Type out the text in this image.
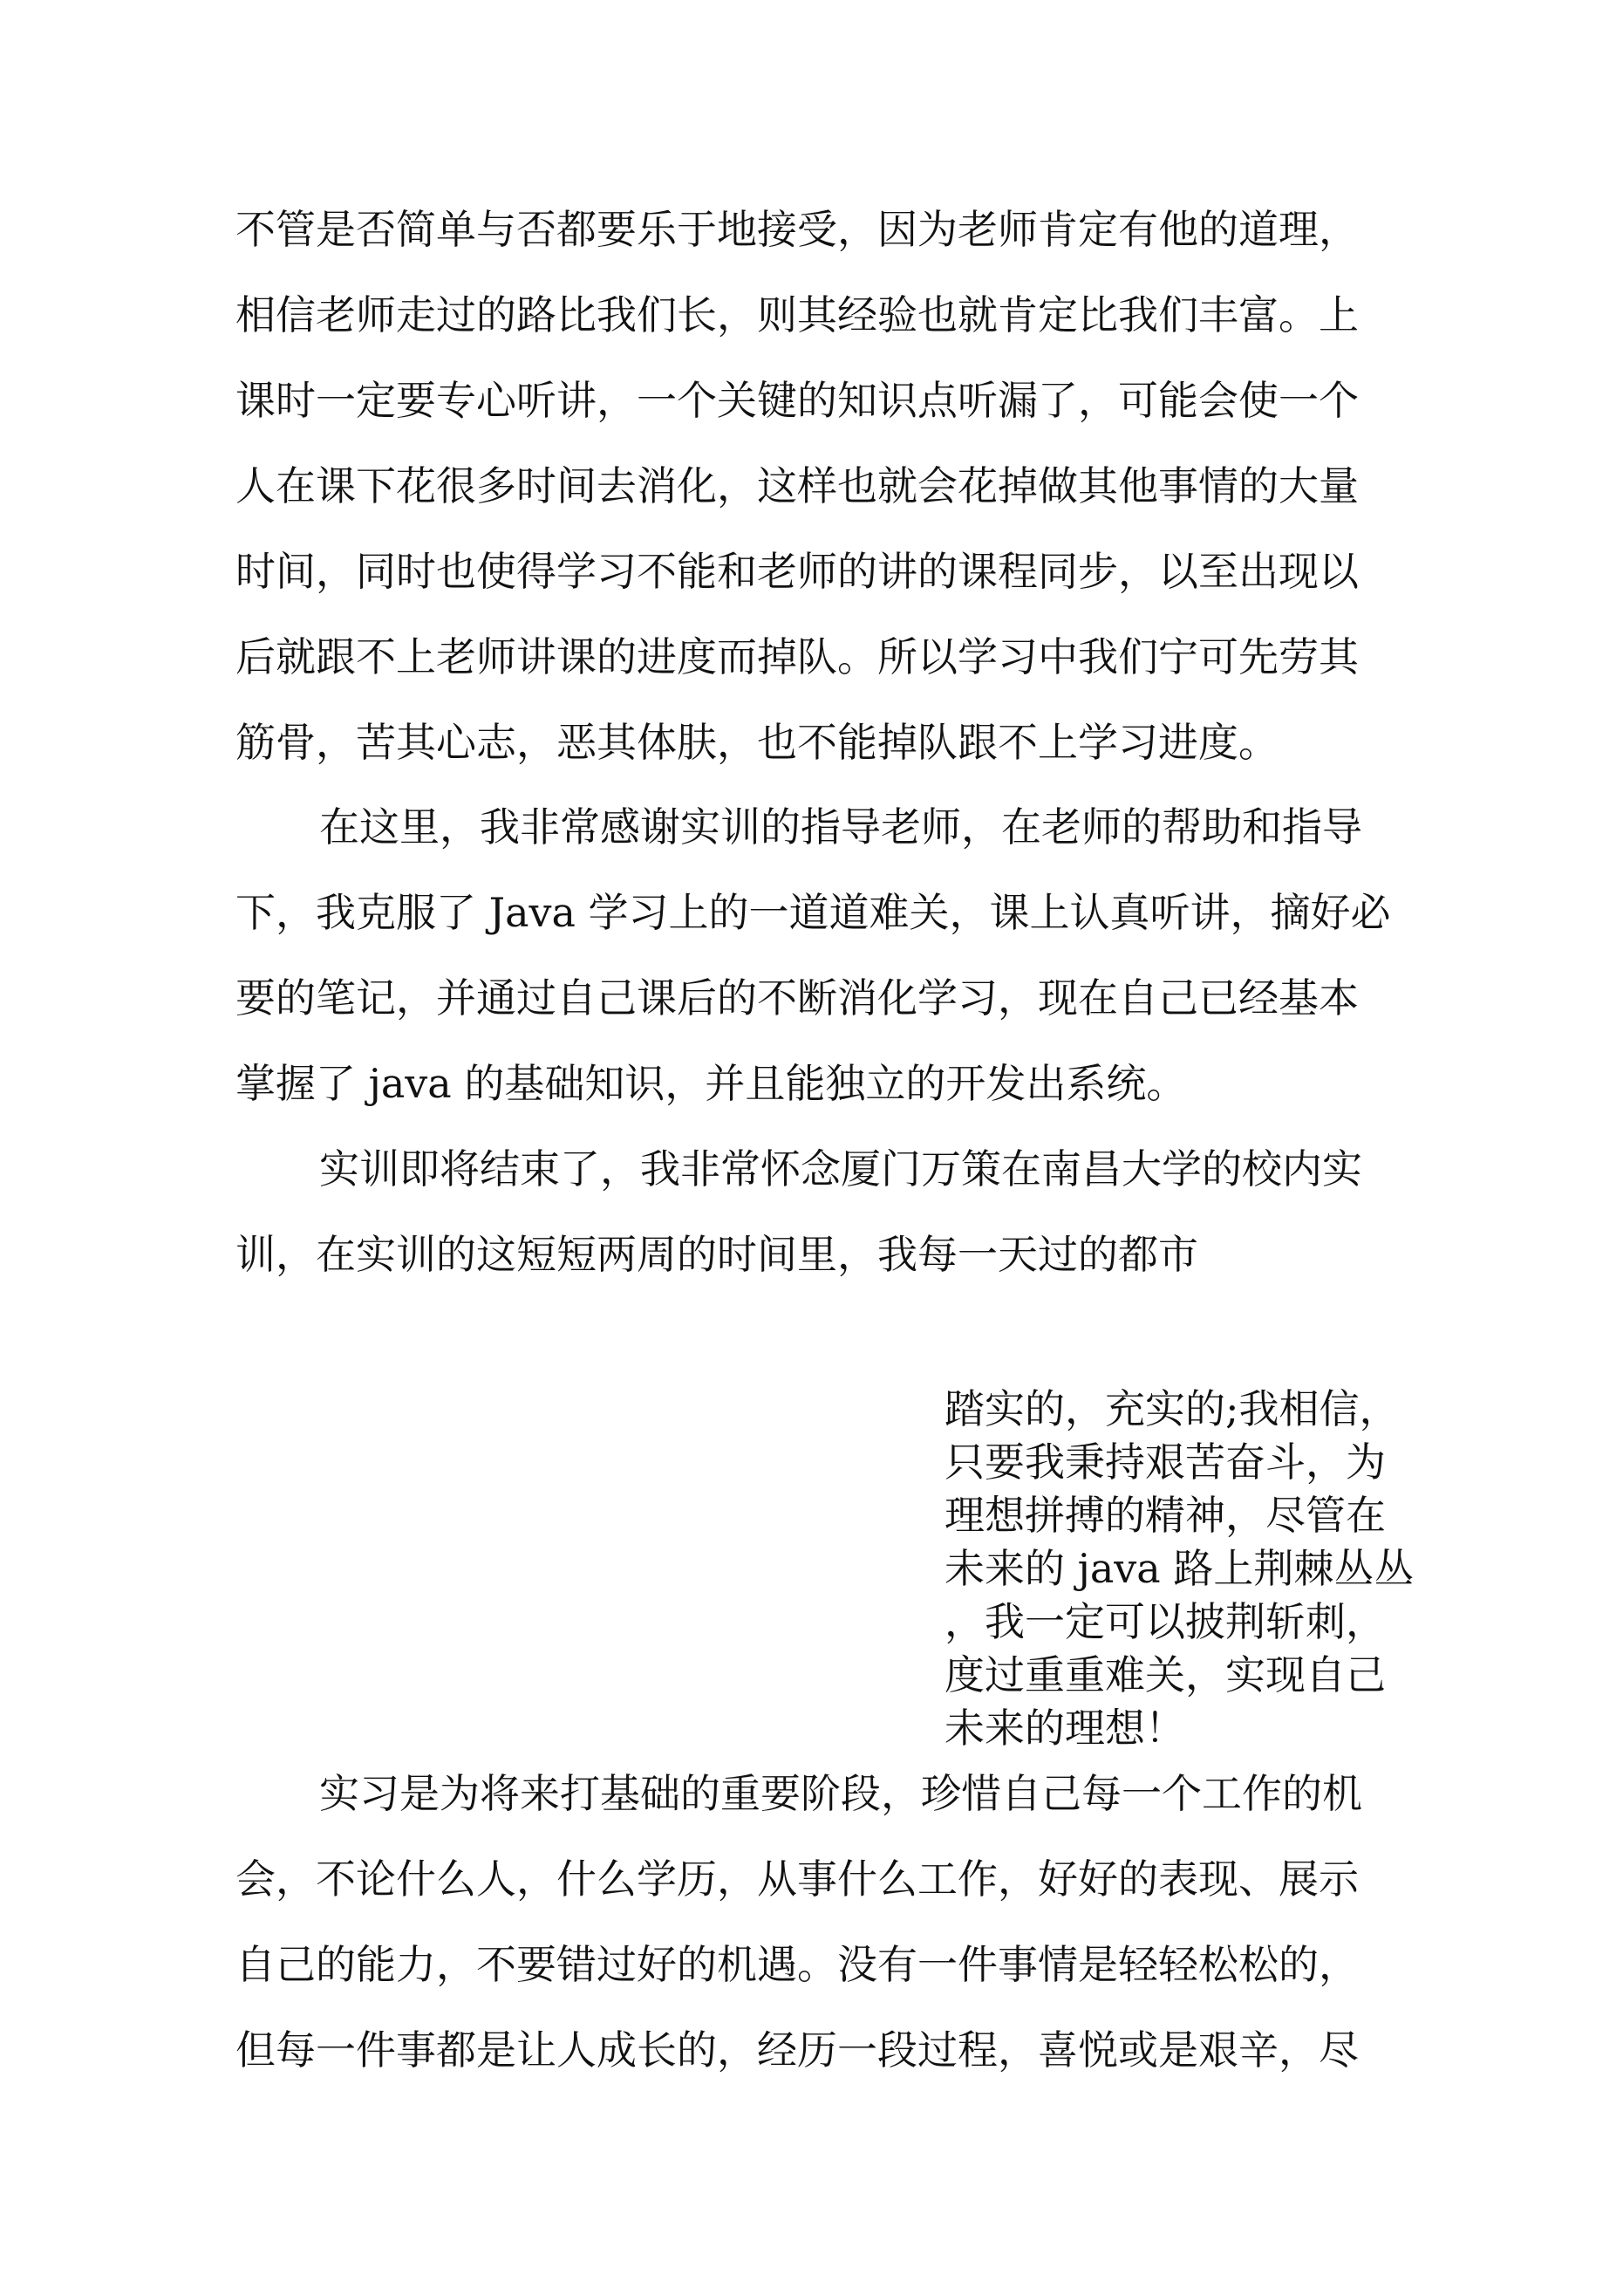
不管是否简单与否都要乐于地接受，因为老师肯定有他的道理，
相信老师走过的路比我们长，则其经验也就肯定比我们丰富。上
课时一定要专心听讲，一个关键的知识点听漏了，可能会使一个
人在课下花很多时间去消化，这样也就会花掉做其他事情的大量
时间，同时也使得学习不能和老师的讲的课程同步，以至出现以
后就跟不上老师讲课的进度而掉队。所以学习中我们宁可先劳其
筋骨，苦其心志，恶其体肤，也不能掉队跟不上学习进度。
在这里，我非常感谢实训的指导老师，在老师的帮助和指导
下，我克服了 Java 学习上的一道道难关，课上认真听讲，摘好必
要的笔记，并通过自己课后的不断消化学习，现在自己已经基本
掌握了 java 的基础知识，并且能独立的开发出系统。
实训即将结束了，我非常怀念厦门万策在南昌大学的校内实
训，在实训的这短短两周的时间里，我每一天过的都市
踏实的，充实的;我相信，
只要我秉持艰苦奋斗，为
理想拼搏的精神，尽管在
未来的 java 路上荆棘丛丛
，我一定可以披荆斩刺，
度过重重难关，实现自己
未来的理想！
实习是为将来打基础的重要阶段，珍惜自己每一个工作的机
会，不论什么人，什么学历，从事什么工作，好好的表现、展示
自己的能力，不要错过好的机遇。没有一件事情是轻轻松松的，
但每一件事都是让人成长的，经历一段过程，喜悦或是艰辛，尽
